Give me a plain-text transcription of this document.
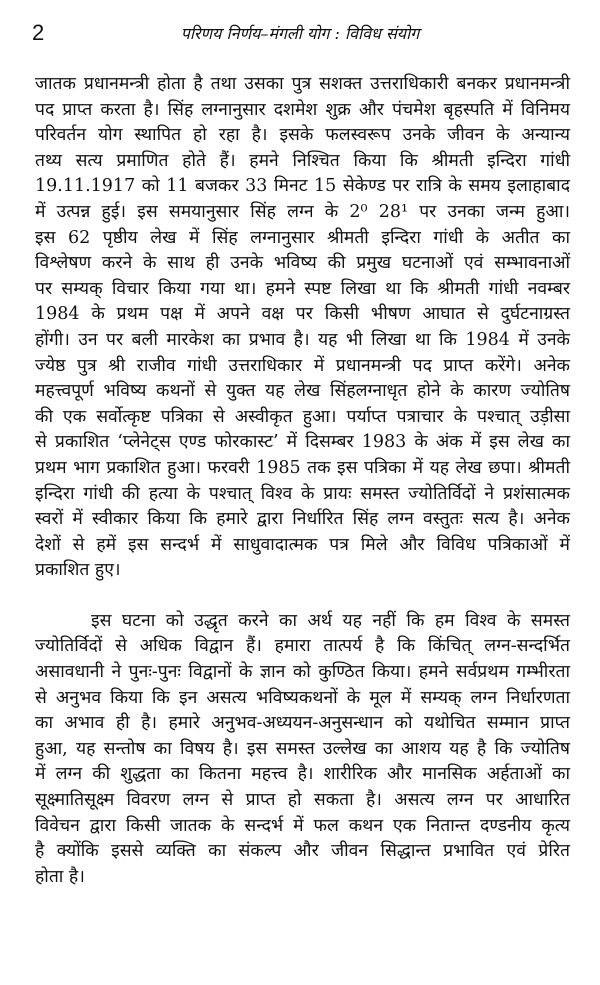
2	परिणय निर्णय–मंगली योग : विविध संयोग
जातक प्रधानमन्त्री होता है तथा उसका पुत्र सशक्त उत्तराधिकारी बनकर प्रधानमन्त्री
पद प्राप्त करता है। सिंह लग्नानुसार दशमेश शुक्र और पंचमेश बृहस्पति में विनिमय
परिवर्तन योग स्थापित हो रहा है। इसके फलस्वरूप उनके जीवन के अन्यान्य
तथ्य सत्य प्रमाणित होते हैं। हमने निश्चित किया कि श्रीमती इन्दिरा गांधी
19.11.1917 को 11 बजकर 33 मिनट 15 सेकेण्ड पर रात्रि के समय इलाहाबाद
में उत्पन्न हुई। इस समयानुसार सिंह लग्न के 2⁰ 28¹ पर उनका जन्म हुआ।
इस 62 पृष्ठीय लेख में सिंह लग्नानुसार श्रीमती इन्दिरा गांधी के अतीत का
विश्लेषण करने के साथ ही उनके भविष्य की प्रमुख घटनाओं एवं सम्भावनाओं
पर सम्यक् विचार किया गया था। हमने स्पष्ट लिखा था कि श्रीमती गांधी नवम्बर
1984 के प्रथम पक्ष में अपने वक्ष पर किसी भीषण आघात से दुर्घटनाग्रस्त
होंगी। उन पर बली मारकेश का प्रभाव है। यह भी लिखा था कि 1984 में उनके
ज्येष्ठ पुत्र श्री राजीव गांधी उत्तराधिकार में प्रधानमन्त्री पद प्राप्त करेंगे। अनेक
महत्त्वपूर्ण भविष्य कथनों से युक्त यह लेख सिंहलग्नाधृत होने के कारण ज्योतिष
की एक सर्वोत्कृष्ट पत्रिका से अस्वीकृत हुआ। पर्याप्त पत्राचार के पश्चात् उड़ीसा
से प्रकाशित ‘प्लेनेट्स एण्ड फोरकास्ट’ में दिसम्बर 1983 के अंक में इस लेख का
प्रथम भाग प्रकाशित हुआ। फरवरी 1985 तक इस पत्रिका में यह लेख छपा। श्रीमती
इन्दिरा गांधी की हत्या के पश्चात् विश्व के प्रायः समस्त ज्योतिर्विदों ने प्रशंसात्मक
स्वरों में स्वीकार किया कि हमारे द्वारा निर्धारित सिंह लग्न वस्तुतः सत्य है। अनेक
देशों से हमें इस सन्दर्भ में साधुवादात्मक पत्र मिले और विविध पत्रिकाओं में
प्रकाशित हुए।
इस घटना को उद्धृत करने का अर्थ यह नहीं कि हम विश्व के समस्त
ज्योतिर्विदों से अधिक विद्वान हैं। हमारा तात्पर्य है कि किंचित् लग्न-सन्दर्भित
असावधानी ने पुनः-पुनः विद्वानों के ज्ञान को कुण्ठित किया। हमने सर्वप्रथम गम्भीरता
से अनुभव किया कि इन असत्य भविष्यकथनों के मूल में सम्यक् लग्न निर्धारणता
का अभाव ही है। हमारे अनुभव-अध्ययन-अनुसन्धान को यथोचित सम्मान प्राप्त
हुआ, यह सन्तोष का विषय है। इस समस्त उल्लेख का आशय यह है कि ज्योतिष
में लग्न की शुद्धता का कितना महत्त्व है। शारीरिक और मानसिक अर्हताओं का
सूक्ष्मातिसूक्ष्म विवरण लग्न से प्राप्त हो सकता है। असत्य लग्न पर आधारित
विवेचन द्वारा किसी जातक के सन्दर्भ में फल कथन एक नितान्त दण्डनीय कृत्य
है क्योंकि इससे व्यक्ति का संकल्प और जीवन सिद्धान्त प्रभावित एवं प्रेरित
होता है।
